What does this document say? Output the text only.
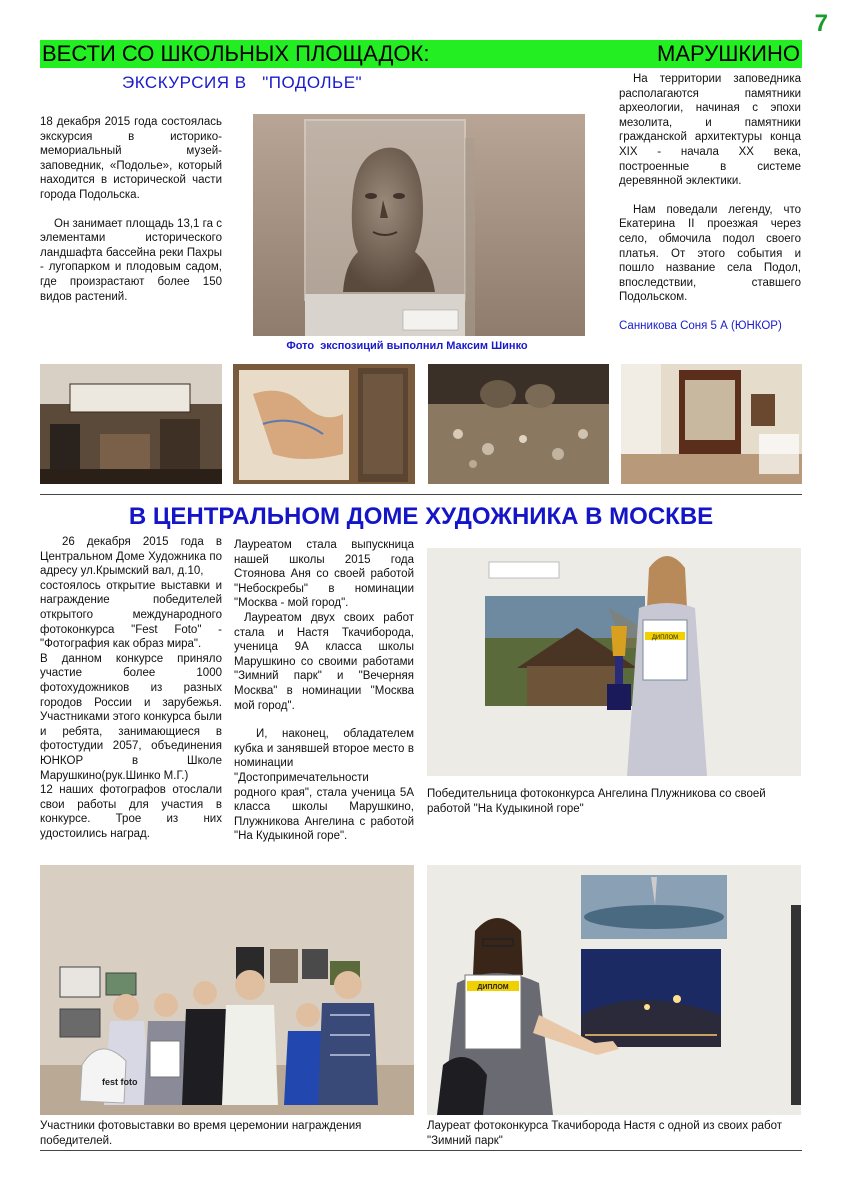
7
ВЕСТИ СО ШКОЛЬНЫХ ПЛОЩАДОК:	МАРУШКИНО
ЭКСКУРСИЯ В   "ПОДОЛЬЕ"

18 декабря 2015 года состоялась экскурсия в историко-мемориальный музей-заповедник, «Подолье», который находится в исторической части города Подольска.

Он занимает площадь 13,1 га с элементами исторического ландшафта бассейна реки Пахры - лугопарком и плодовым садом, где произрастают более 150 видов растений.

Фото  экспозиций выполнил Максим Шинко

На территории заповедника располагаются памятники археологии, начиная с эпохи мезолита, и памятники гражданской архитектуры конца XIX - начала XX века, построенные в системе деревянной эклектики.

Нам поведали легенду, что Екатерина II проезжая через село, обмочила подол своего платья. От этого события и пошло название села Подол, впоследствии, ставшего Подольском.

Санникова Соня 5 А (ЮНКОР)
В ЦЕНТРАЛЬНОМ ДОМЕ ХУДОЖНИКА В МОСКВЕ
26 декабря 2015 года в Центральном Доме Художника по адресу ул.Крымский вал, д.10,
состоялось открытие выставки и награждение победителей открытого международного фотоконкурса "Fest Foto" - "Фотография как образ мира".
В данном конкурсе приняло участие более 1000 фотохудожников из разных городов России и зарубежья. Участниками этого конкурса были и ребята, занимающиеся в фотостудии 2057, объединения ЮНКОР в Школе Марушкино(рук.Шинко М.Г.)
12 наших фотографов отослали свои работы для участия в конкурсе. Трое из них удостоились наград.
Лауреатом стала выпускница нашей школы 2015 года Стоянова Аня со своей работой "Небоскребы" в номинации "Москва - мой город".
Лауреатом двух своих работ стала и Настя Ткачиборода, ученица 9А класса школы Марушкино со своими работами "Зимний парк" и "Вечерняя Москва" в номинации "Москва мой город".
И, наконец, обладателем кубка и занявшей второе место в номинации "Достопримечательности родного края", стала ученица 5А класса школы Марушкино, Плужникова Ангелина с работой "На Кудыкиной горе".
ДИПЛОМ
Победительница фотоконкурса Ангелина Плужникова со своей работой "На Кудыкиной горе"
fest foto
Участники фотовыставки во время церемонии награждения победителей.
ДИПЛОМ
Лауреат фотоконкурса Ткачиборода Настя с одной из своих работ "Зимний парк"
